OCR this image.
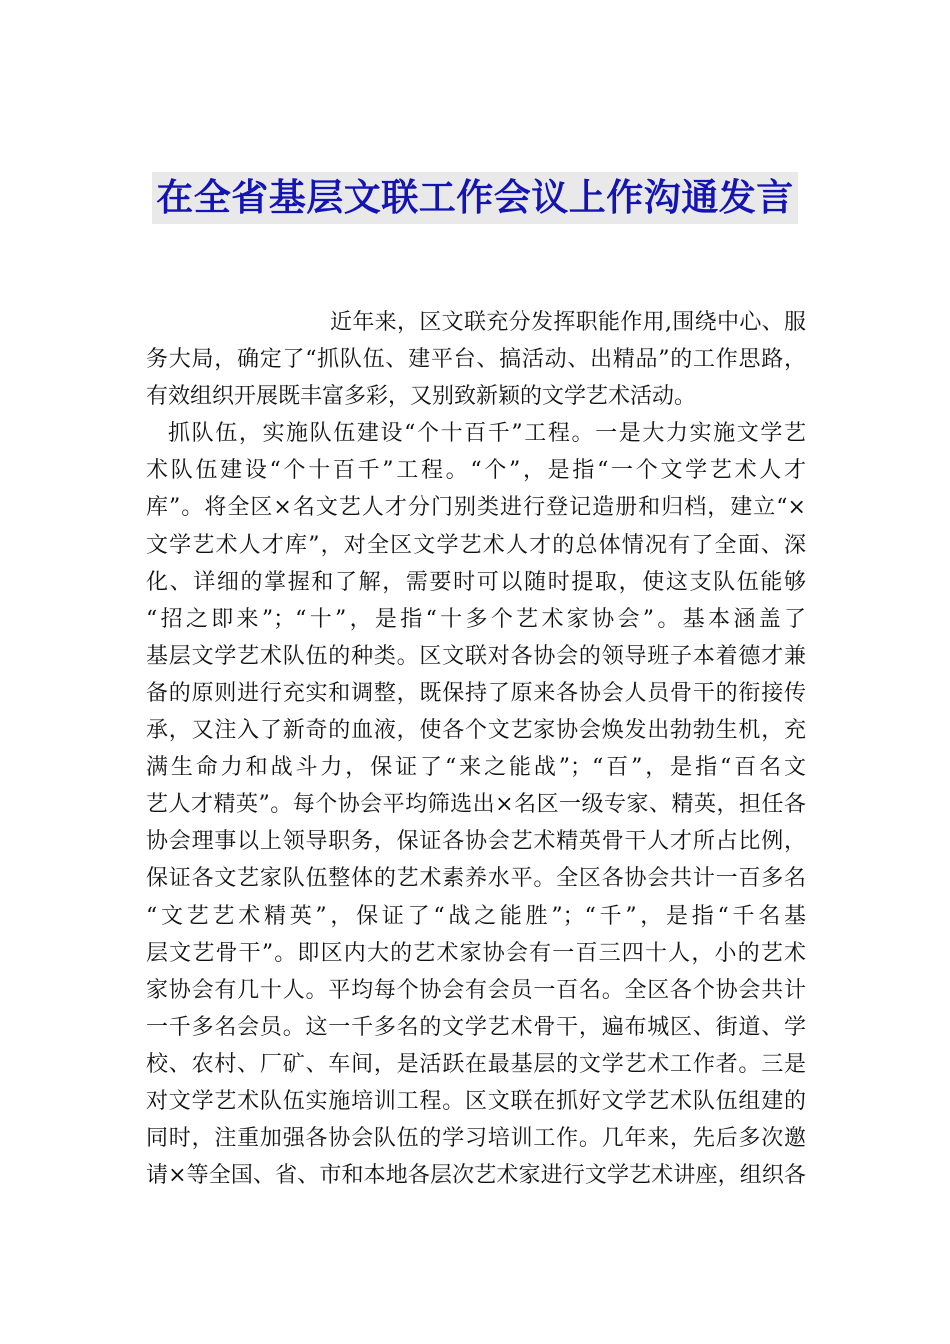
在全省基层文联工作会议上作沟通发言
近年来，区文联充分发挥职能作用,围绕中心、服
务大局，确定了“抓队伍、建平台、搞活动、出精品”的工作思路，
有效组织开展既丰富多彩，又别致新颖的文学艺术活动。
抓队伍，实施队伍建设“个十百千”工程。一是大力实施文学艺
术队伍建设“个十百千”工程。“个”，是指“一个文学艺术人才
库”。将全区×名文艺人才分门别类进行登记造册和归档，建立“×
文学艺术人才库”，对全区文学艺术人才的总体情况有了全面、深
化、详细的掌握和了解，需要时可以随时提取，使这支队伍能够
“招之即来”；“十”，是指“十多个艺术家协会”。基本涵盖了
基层文学艺术队伍的种类。区文联对各协会的领导班子本着德才兼
备的原则进行充实和调整，既保持了原来各协会人员骨干的衔接传
承，又注入了新奇的血液，使各个文艺家协会焕发出勃勃生机，充
满生命力和战斗力，保证了“来之能战”；“百”，是指“百名文
艺人才精英”。每个协会平均筛选出×名区一级专家、精英，担任各
协会理事以上领导职务，保证各协会艺术精英骨干人才所占比例，
保证各文艺家队伍整体的艺术素养水平。全区各协会共计一百多名
“文艺艺术精英”，保证了“战之能胜”；“千”，是指“千名基
层文艺骨干”。即区内大的艺术家协会有一百三四十人，小的艺术
家协会有几十人。平均每个协会有会员一百名。全区各个协会共计
一千多名会员。这一千多名的文学艺术骨干，遍布城区、街道、学
校、农村、厂矿、车间，是活跃在最基层的文学艺术工作者。三是
对文学艺术队伍实施培训工程。区文联在抓好文学艺术队伍组建的
同时，注重加强各协会队伍的学习培训工作。几年来，先后多次邀
请×等全国、省、市和本地各层次艺术家进行文学艺术讲座，组织各
